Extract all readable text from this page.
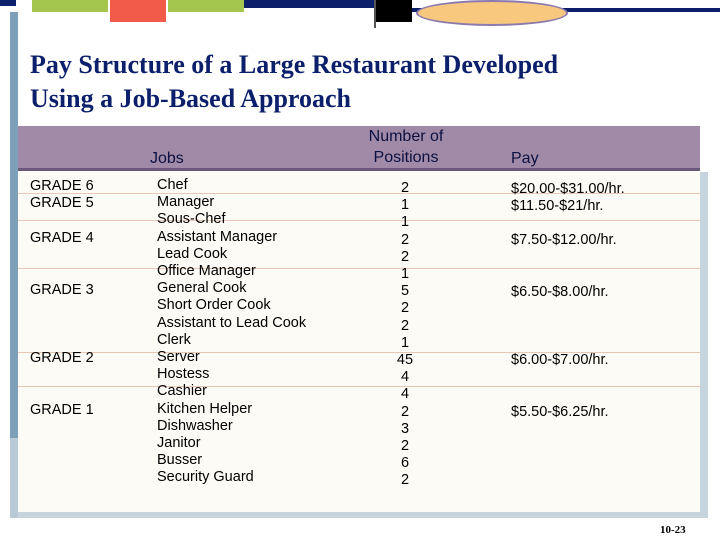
Pay Structure of a Large Restaurant Developed
Using a Job-Based Approach
Jobs
Number of
Positions	Pay
GRADE 6
GRADE 5
GRADE 4
GRADE 3
GRADE 2
GRADE 1
$20.00-$31.00/hr.
$11.50-$21/hr.
$7.50-$12.00/hr.
$6.50-$8.00/hr.
$6.00-$7.00/hr.
$5.50-$6.25/hr.
Chef
Manager
Sous-Chef
Assistant Manager
Lead Cook
Office Manager
General Cook
Short Order Cook
Assistant to Lead Cook
Clerk
Server
Hostess
Cashier
Kitchen Helper
Dishwasher
Janitor
Busser
Security Guard
2
1
1
2
2
1
5
2
2
1
45
4
4
2
3
2
6
2
10-23
